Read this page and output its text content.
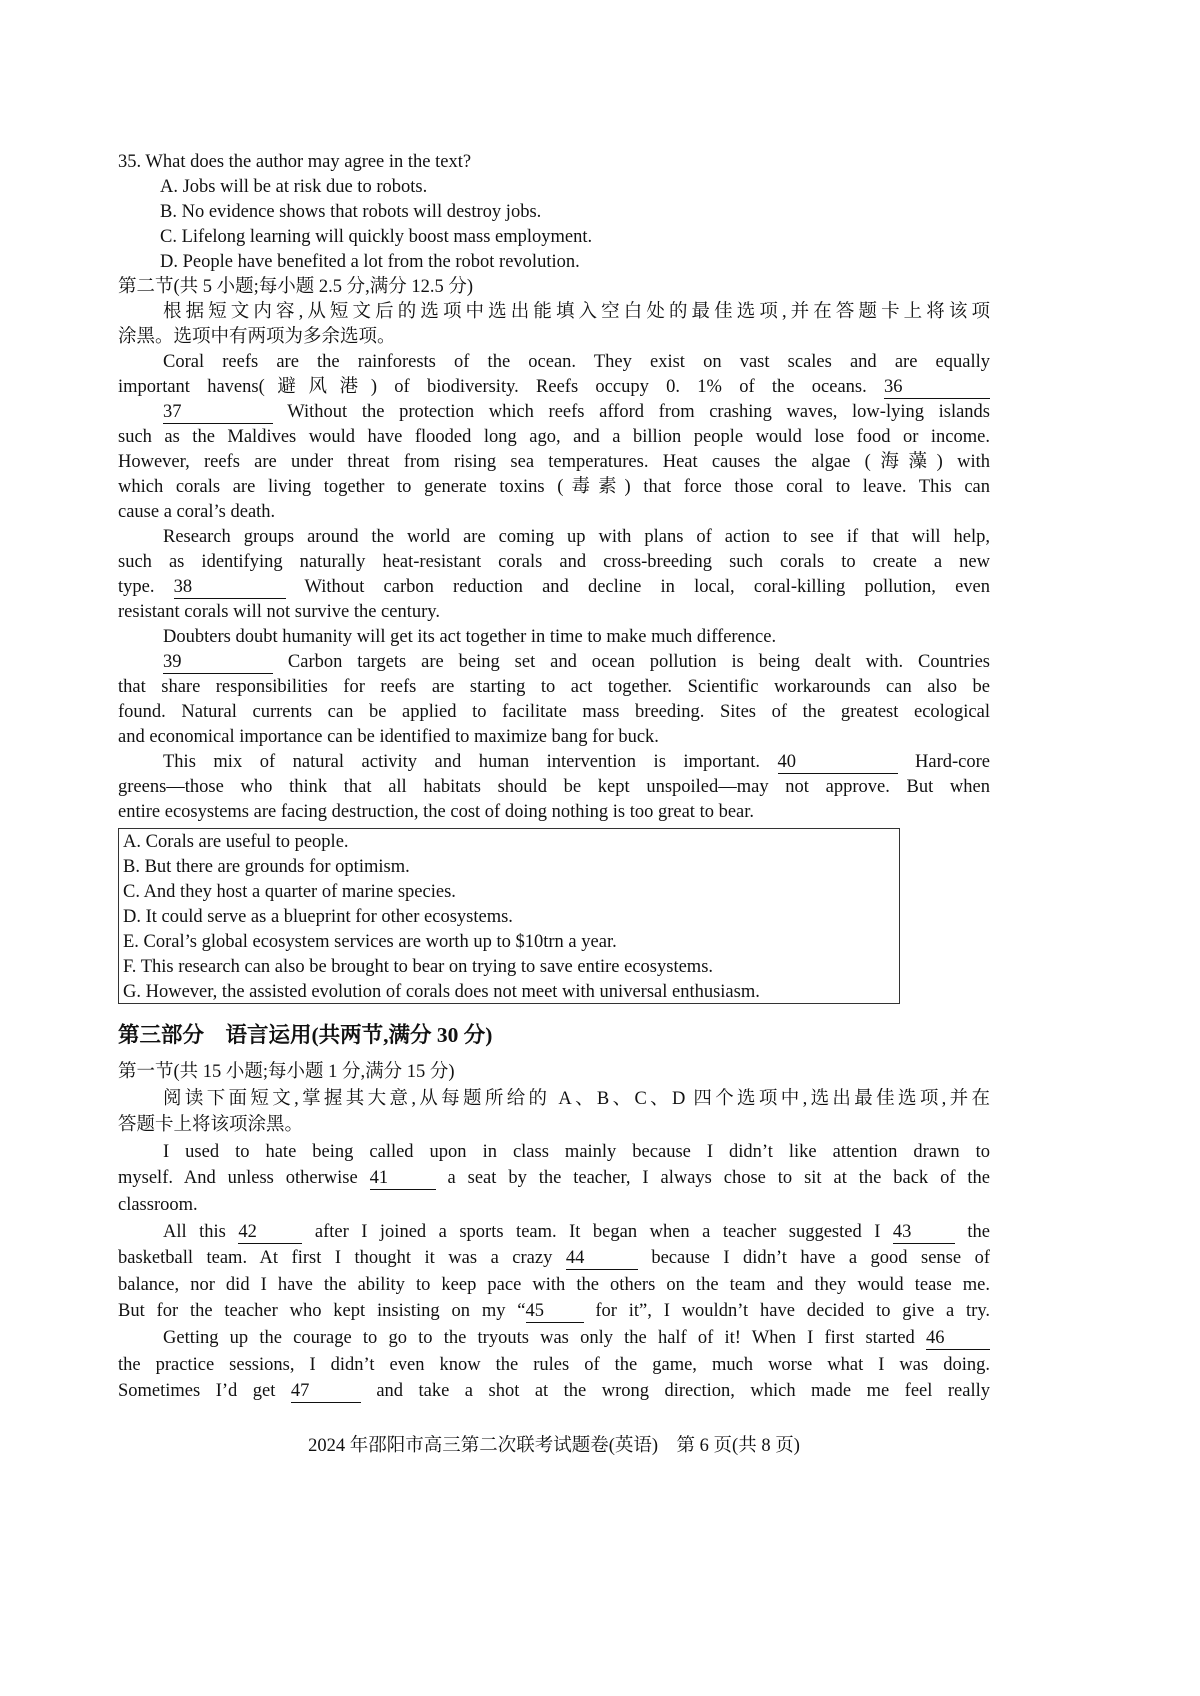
35. What does the author may agree in the text?
A. Jobs will be at risk due to robots.
B. No evidence shows that robots will destroy jobs.
C. Lifelong learning will quickly boost mass employment.
D. People have benefited a lot from the robot revolution.
第二节(共 5 小题;每小题 2.5 分,满分 12.5 分)
根据短文内容,从短文后的选项中选出能填入空白处的最佳选项,并在答题卡上将该项
涂黑。选项中有两项为多余选项。
Coral reefs are the rainforests of the ocean. They exist on vast scales and are equally
important havens(避风港) of biodiversity. Reefs occupy 0. 1% of the oceans. 36
37	Without the protection which reefs afford from crashing waves, low-lying islands
such as the Maldives would have flooded long ago, and a billion people would lose food or income.
However, reefs are under threat from rising sea temperatures. Heat causes the algae (海藻) with
which corals are living together to generate toxins (毒素) that force those coral to leave. This can
cause a coral’s death.
Research groups around the world are coming up with plans of action to see if that will help,
such as identifying naturally heat-resistant corals and cross-breeding such corals to create a new
type. 38	Without carbon reduction and decline in local, coral-killing pollution, even
resistant corals will not survive the century.
Doubters doubt humanity will get its act together in time to make much difference.
39	Carbon targets are being set and ocean pollution is being dealt with. Countries
that share responsibilities for reefs are starting to act together. Scientific workarounds can also be
found. Natural currents can be applied to facilitate mass breeding. Sites of the greatest ecological
and economical importance can be identified to maximize bang for buck.
This mix of natural activity and human intervention is important. 40	Hard-core
greens—those who think that all habitats should be kept unspoiled—may not approve. But when
entire ecosystems are facing destruction, the cost of doing nothing is too great to bear.
A. Corals are useful to people.
B. But there are grounds for optimism.
C. And they host a quarter of marine species.
D. It could serve as a blueprint for other ecosystems.
E. Coral’s global ecosystem services are worth up to $10trn a year.
F. This research can also be brought to bear on trying to save entire ecosystems.
G. However, the assisted evolution of corals does not meet with universal enthusiasm.
第三部分　语言运用(共两节,满分 30 分)
第一节(共 15 小题;每小题 1 分,满分 15 分)
阅读下面短文,掌握其大意,从每题所给的 A、B、C、D 四个选项中,选出最佳选项,并在
答题卡上将该项涂黑。
I used to hate being called upon in class mainly because I didn’t like attention drawn to
myself. And unless otherwise 41	a seat by the teacher, I always chose to sit at the back of the
classroom.
All this 42 after I joined a sports team. It began when a teacher suggested I 43 the
basketball team. At first I thought it was a crazy 44	because I didn’t have a good sense of
balance, nor did I have the ability to keep pace with the others on the team and they would tease me.
But for the teacher who kept insisting on my “45 for it”, I wouldn’t have decided to give a try.
Getting up the courage to go to the tryouts was only the half of it! When I first started 46
the practice sessions, I didn’t even know the rules of the game, much worse what I was doing.
Sometimes I’d get 47	and take a shot at the wrong direction, which made me feel really
2024 年邵阳市高三第二次联考试题卷(英语)　第 6 页(共 8 页)
